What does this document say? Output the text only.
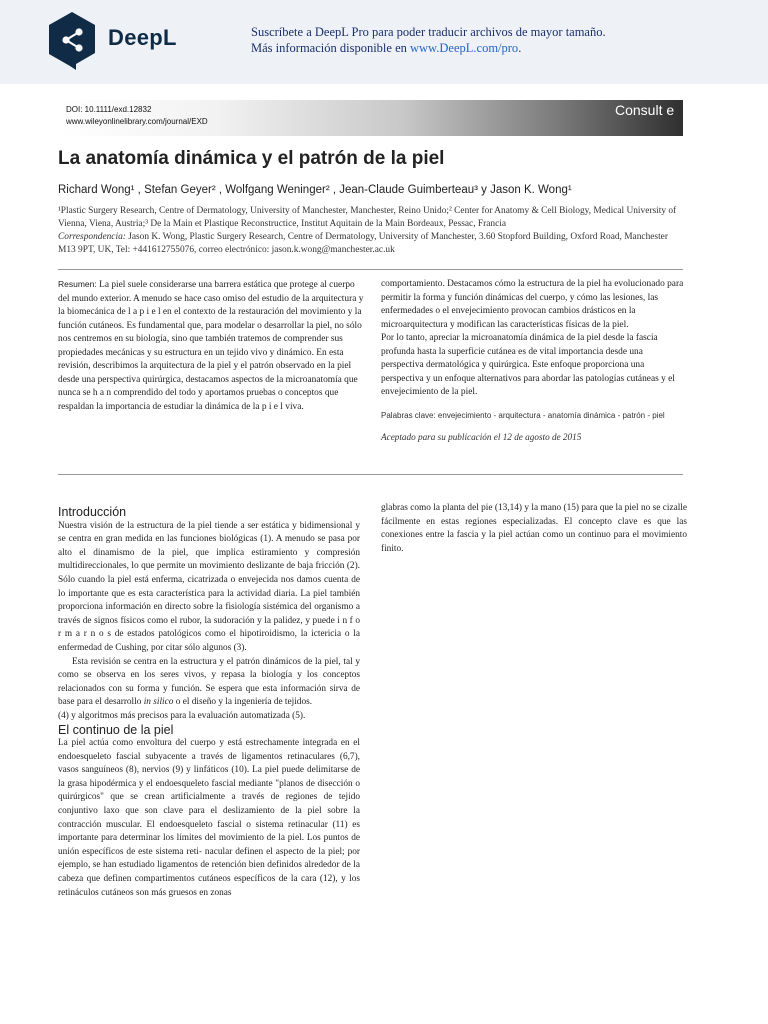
DeepL	Suscríbete a DeepL Pro para poder traducir archivos de mayor tamaño.
Más información disponible en www.DeepL.com/pro.
DOI: 10.1111/exd.12832
www.wileyonlinelibrary.com/journal/EXD
Consult e
La anatomía dinámica y el patrón de la piel
Richard Wong¹ , Stefan Geyer² , Wolfgang Weninger² , Jean-Claude Guimberteau³ y Jason K. Wong¹
¹Plastic Surgery Research, Centre of Dermatology, University of Manchester, Manchester, Reino Unido;² Center for Anatomy & Cell Biology, Medical University of Vienna, Viena, Austria;³ De la Main et Plastique Reconstructice, Institut Aquitain de la Main Bordeaux, Pessac, Francia
Correspondencia: Jason K. Wong, Plastic Surgery Research, Centre of Dermatology, University of Manchester, 3.60 Stopford Building, Oxford Road, Manchester M13 9PT, UK, Tel: +441612755076, correo electrónico: jason.k.wong@manchester.ac.uk
Resumen: La piel suele considerarse una barrera estática que protege al cuerpo del mundo exterior. A menudo se hace caso omiso del estudio de la arquitectura y la biomecánica de l a p i e l en el contexto de la restauración del movimiento y la función cutáneos. Es fundamental que, para modelar o desarrollar la piel, no sólo nos centremos en su biología, sino que también tratemos de comprender sus propiedades mecánicas y su estructura en un tejido vivo y dinámico. En esta revisión, describimos la arquitectura de la piel y el patrón observado en la piel desde una perspectiva quirúrgica, destacamos aspectos de la microanatomía que nunca se h a n comprendido del todo y aportamos pruebas o conceptos que respaldan la importancia de estudiar la dinámica de la p i e l viva.
comportamiento. Destacamos cómo la estructura de la piel ha evolucionado para permitir la forma y función dinámicas del cuerpo, y cómo las lesiones, las enfermedades o el envejecimiento provocan cambios drásticos en la microarquitectura y modifican las características físicas de la piel.
Por lo tanto, apreciar la microanatomía dinámica de la piel desde la fascia profunda hasta la superficie cutánea es de vital importancia desde una perspectiva dermatológica y quirúrgica. Este enfoque proporciona una perspectiva y un enfoque alternativos para abordar las patologías cutáneas y el envejecimiento de la piel.
Palabras clave: envejecimiento - arquitectura - anatomía dinámica - patrón - piel
Aceptado para su publicación el 12 de agosto de 2015
Introducción

Nuestra visión de la estructura de la piel tiende a ser estática y bidimensional y se centra en gran medida en las funciones biológicas (1). A menudo se pasa por alto el dinamismo de la piel, que implica estiramiento y compresión multidireccionales, lo que permite un movimiento deslizante de baja fricción (2). Sólo cuando la piel está enferma, cicatrizada o envejecida nos damos cuenta de lo importante que es esta característica para la actividad diaria. La piel también proporciona información en directo sobre la fisiología sistémica del organismo a través de signos físicos como el rubor, la sudoración y la palidez, y puede i n f o r m a r n o s de estados patológicos como el hipotiroidismo, la ictericia o la enfermedad de Cushing, por citar sólo algunos (3).

Esta revisión se centra en la estructura y el patrón dinámicos de la piel, tal y como se observa en los seres vivos, y repasa la biología y los conceptos relacionados con su forma y función. Se espera que esta información sirva de base para el desarrollo in silico o el diseño y la ingeniería de tejidos.

(4) y algoritmos más precisos para la evaluación automatizada (5).

El continuo de la piel

La piel actúa como envoltura del cuerpo y está estrechamente integrada en el endoesqueleto fascial subyacente a través de ligamentos retinaculares (6,7), vasos sanguíneos (8), nervios (9) y linfáticos (10). La piel puede delimitarse de la grasa hipodérmica y el endoesqueleto fascial mediante "planos de disección o quirúrgicos" que se crean artificialmente a través de regiones de tejido conjuntivo laxo que son clave para el deslizamiento de la piel sobre la contracción muscular. El endoesqueleto fascial o sistema retinacular (11) es importante para determinar los límites del movimiento de la piel. Los puntos de unión específicos de este sistema reti- nacular definen el aspecto de la piel; por ejemplo, se han estudiado ligamentos de retención bien definidos alrededor de la cabeza que definen compartimentos cutáneos específicos de la cara (12), y los retináculos cutáneos son más gruesos en zonas

glabras como la planta del pie (13,14) y la mano (15) para que la piel no se cizalle fácilmente en estas regiones especializadas. El concepto clave es que las conexiones entre la fascia y la piel actúan como un continuo para el movimiento finito.
